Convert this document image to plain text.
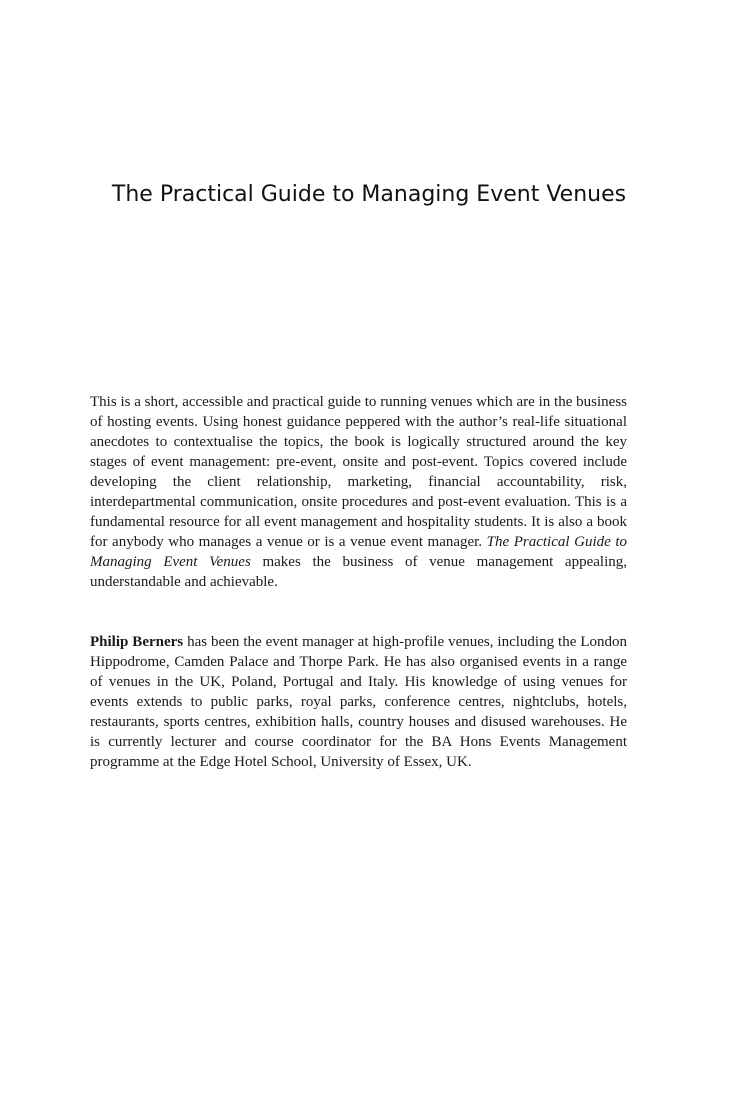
The Practical Guide to Managing Event Venues

This is a short, accessible and practical guide to running venues which are in the business of hosting events. Using honest guidance peppered with the author’s real-life situational anecdotes to contextualise the topics, the book is logically structured around the key stages of event management: pre-event, onsite and post-event. Topics covered include developing the client relationship, marketing, financial accountability, risk, interdepartmental communication, onsite procedures and post-event evaluation. This is a fundamental resource for all event management and hospitality students. It is also a book for anybody who manages a venue or is a venue event manager. The Practical Guide to Managing Event Venues makes the business of venue management appealing, understandable and achievable.

Philip Berners has been the event manager at high-profile venues, including the London Hippodrome, Camden Palace and Thorpe Park. He has also organised events in a range of venues in the UK, Poland, Portugal and Italy. His knowledge of using venues for events extends to public parks, royal parks, conference centres, nightclubs, hotels, restaurants, sports centres, exhibition halls, country houses and disused warehouses. He is currently lecturer and course coordinator for the BA Hons Events Management programme at the Edge Hotel School, University of Essex, UK.
